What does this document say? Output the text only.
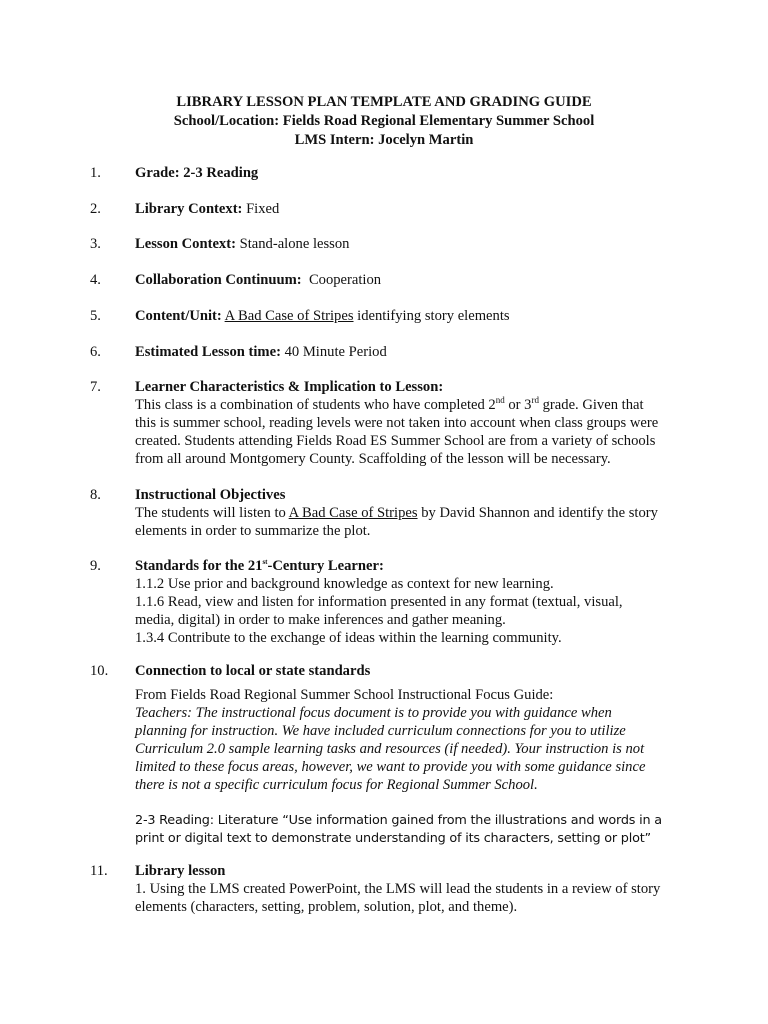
LIBRARY LESSON PLAN TEMPLATE AND GRADING GUIDE
School/Location: Fields Road Regional Elementary Summer School
LMS Intern: Jocelyn Martin
1. Grade: 2-3 Reading
2. Library Context: Fixed
3. Lesson Context: Stand-alone lesson
4. Collaboration Continuum:  Cooperation
5. Content/Unit: A Bad Case of Stripes identifying story elements
6. Estimated Lesson time: 40 Minute Period
7. Learner Characteristics & Implication to Lesson:
This class is a combination of students who have completed 2nd or 3rd grade. Given that
this is summer school, reading levels were not taken into account when class groups were
created. Students attending Fields Road ES Summer School are from a variety of schools
from all around Montgomery County. Scaffolding of the lesson will be necessary.
8. Instructional Objectives
The students will listen to A Bad Case of Stripes by David Shannon and identify the story
elements in order to summarize the plot.
9. Standards for the 21st-Century Learner:
1.1.2 Use prior and background knowledge as context for new learning.
1.1.6 Read, view and listen for information presented in any format (textual, visual,
media, digital) in order to make inferences and gather meaning.
1.3.4 Contribute to the exchange of ideas within the learning community.
10. Connection to local or state standards
From Fields Road Regional Summer School Instructional Focus Guide:
Teachers: The instructional focus document is to provide you with guidance when
planning for instruction. We have included curriculum connections for you to utilize
Curriculum 2.0 sample learning tasks and resources (if needed). Your instruction is not
limited to these focus areas, however, we want to provide you with some guidance since
there is not a specific curriculum focus for Regional Summer School.
2-3 Reading: Literature “Use information gained from the illustrations and words in a
print or digital text to demonstrate understanding of its characters, setting or plot”
11. Library lesson
1. Using the LMS created PowerPoint, the LMS will lead the students in a review of story
elements (characters, setting, problem, solution, plot, and theme).
